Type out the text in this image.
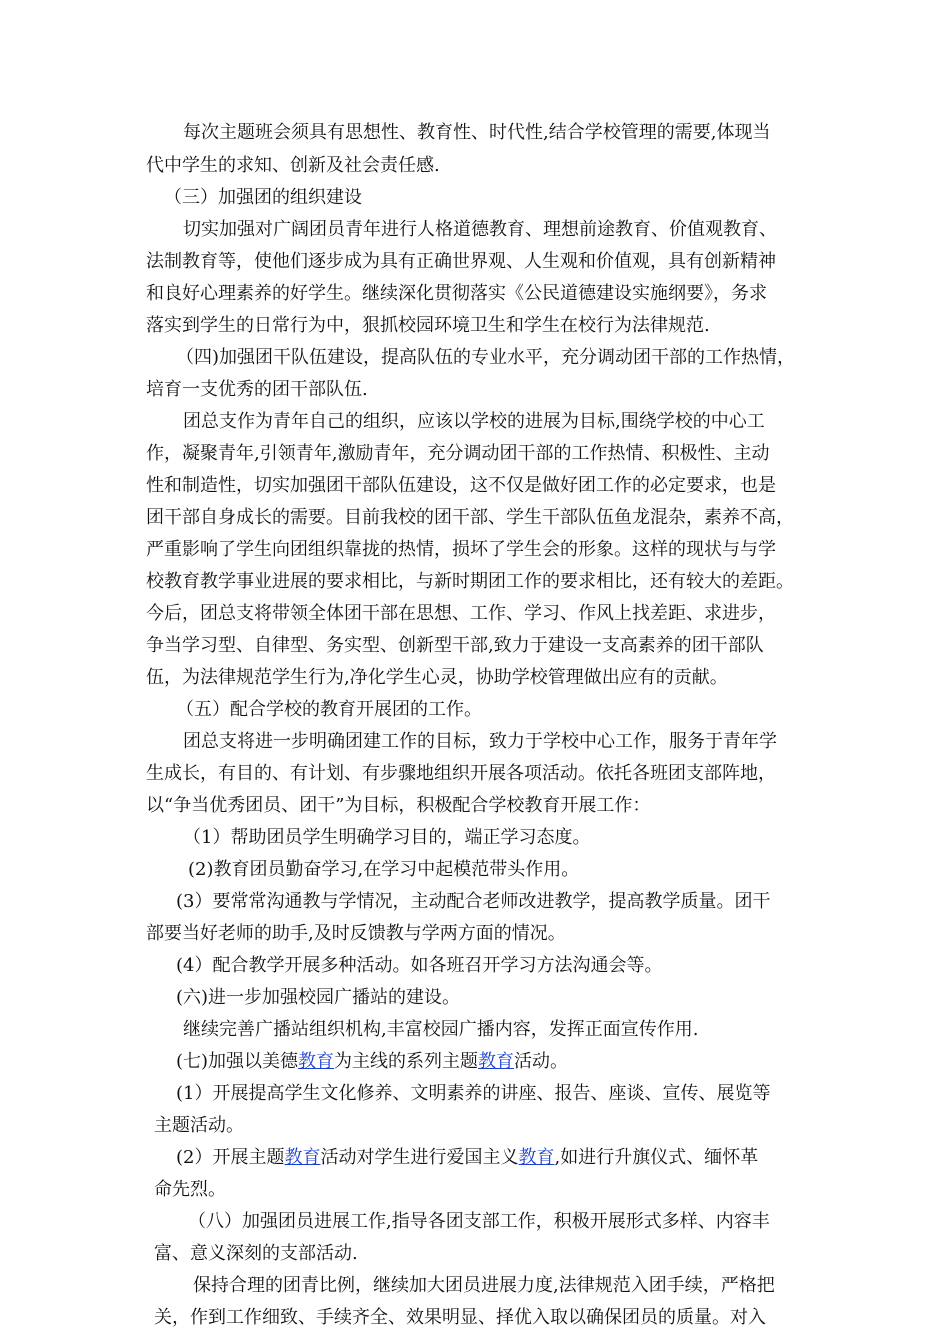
每次主题班会须具有思想性、教育性、时代性,结合学校管理的需要,体现当
代中学生的求知、创新及社会责任感.
（三）加强团的组织建设
切实加强对广阔团员青年进行人格道德教育、理想前途教育、价值观教育、
法制教育等，使他们逐步成为具有正确世界观、人生观和价值观，具有创新精神
和良好心理素养的好学生。继续深化贯彻落实《公民道德建设实施纲要》，务求
落实到学生的日常行为中，狠抓校园环境卫生和学生在校行为法律规范.
（四)加强团干队伍建设，提高队伍的专业水平，充分调动团干部的工作热情，
培育一支优秀的团干部队伍.
团总支作为青年自己的组织，应该以学校的进展为目标,围绕学校的中心工
作，凝聚青年,引领青年,激励青年，充分调动团干部的工作热情、积极性、主动
性和制造性，切实加强团干部队伍建设，这不仅是做好团工作的必定要求，也是
团干部自身成长的需要。目前我校的团干部、学生干部队伍鱼龙混杂，素养不高，
严重影响了学生向团组织靠拢的热情，损坏了学生会的形象。这样的现状与与学
校教育教学事业进展的要求相比，与新时期团工作的要求相比，还有较大的差距。
今后，团总支将带领全体团干部在思想、工作、学习、作风上找差距、求进步，
争当学习型、自律型、务实型、创新型干部,致力于建设一支高素养的团干部队
伍，为法律规范学生行为,净化学生心灵，协助学校管理做出应有的贡献。
（五）配合学校的教育开展团的工作。
团总支将进一步明确团建工作的目标，致力于学校中心工作，服务于青年学
生成长，有目的、有计划、有步骤地组织开展各项活动。依托各班团支部阵地，
以“争当优秀团员、团干”为目标，积极配合学校教育开展工作：
（1）帮助团员学生明确学习目的，端正学习态度。
(2)教育团员勤奋学习,在学习中起模范带头作用。
(3）要常常沟通教与学情况，主动配合老师改进教学，提高教学质量。团干
部要当好老师的助手,及时反馈教与学两方面的情况。
(4）配合教学开展多种活动。如各班召开学习方法沟通会等。
(六)进一步加强校园广播站的建设。
继续完善广播站组织机构,丰富校园广播内容，发挥正面宣传作用.
(七)加强以美德教育为主线的系列主题教育活动。
(1）开展提高学生文化修养、文明素养的讲座、报告、座谈、宣传、展览等
主题活动。
(2）开展主题教育活动对学生进行爱国主义教育,如进行升旗仪式、缅怀革
命先烈。
（八）加强团员进展工作,指导各团支部工作，积极开展形式多样、内容丰
富、意义深刻的支部活动.
保持合理的团青比例，继续加大团员进展力度,法律规范入团手续，严格把
关，作到工作细致、手续齐全、效果明显、择优入取以确保团员的质量。对入
